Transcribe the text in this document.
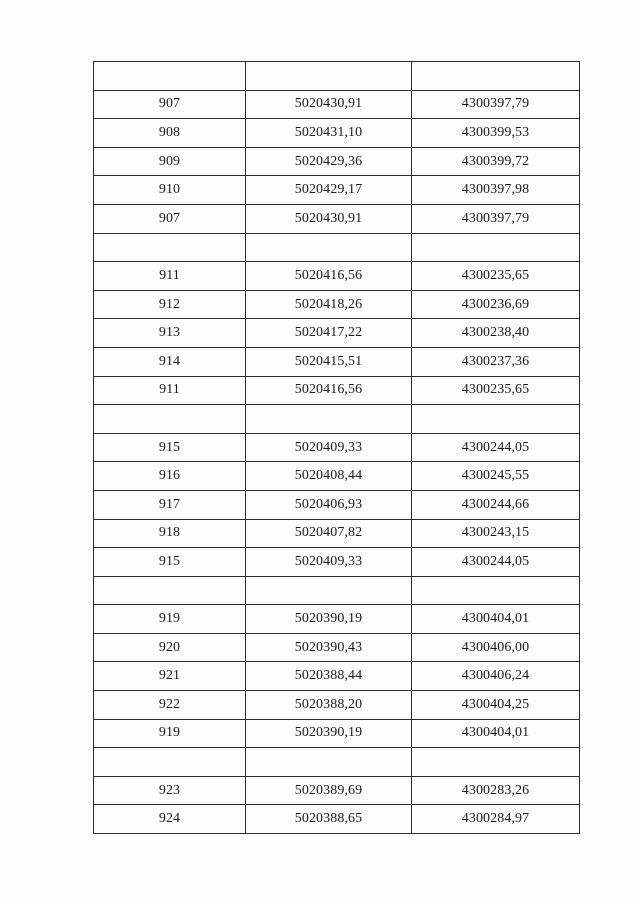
907	5020430,91	4300397,79
908	5020431,10	4300399,53
909	5020429,36	4300399,72
910	5020429,17	4300397,98
907	5020430,91	4300397,79

911	5020416,56	4300235,65
912	5020418,26	4300236,69
913	5020417,22	4300238,40
914	5020415,51	4300237,36
911	5020416,56	4300235,65

915	5020409,33	4300244,05
916	5020408,44	4300245,55
917	5020406,93	4300244,66
918	5020407,82	4300243,15
915	5020409,33	4300244,05

919	5020390,19	4300404,01
920	5020390,43	4300406,00
921	5020388,44	4300406,24
922	5020388,20	4300404,25
919	5020390,19	4300404,01

923	5020389,69	4300283,26
924	5020388,65	4300284,97
